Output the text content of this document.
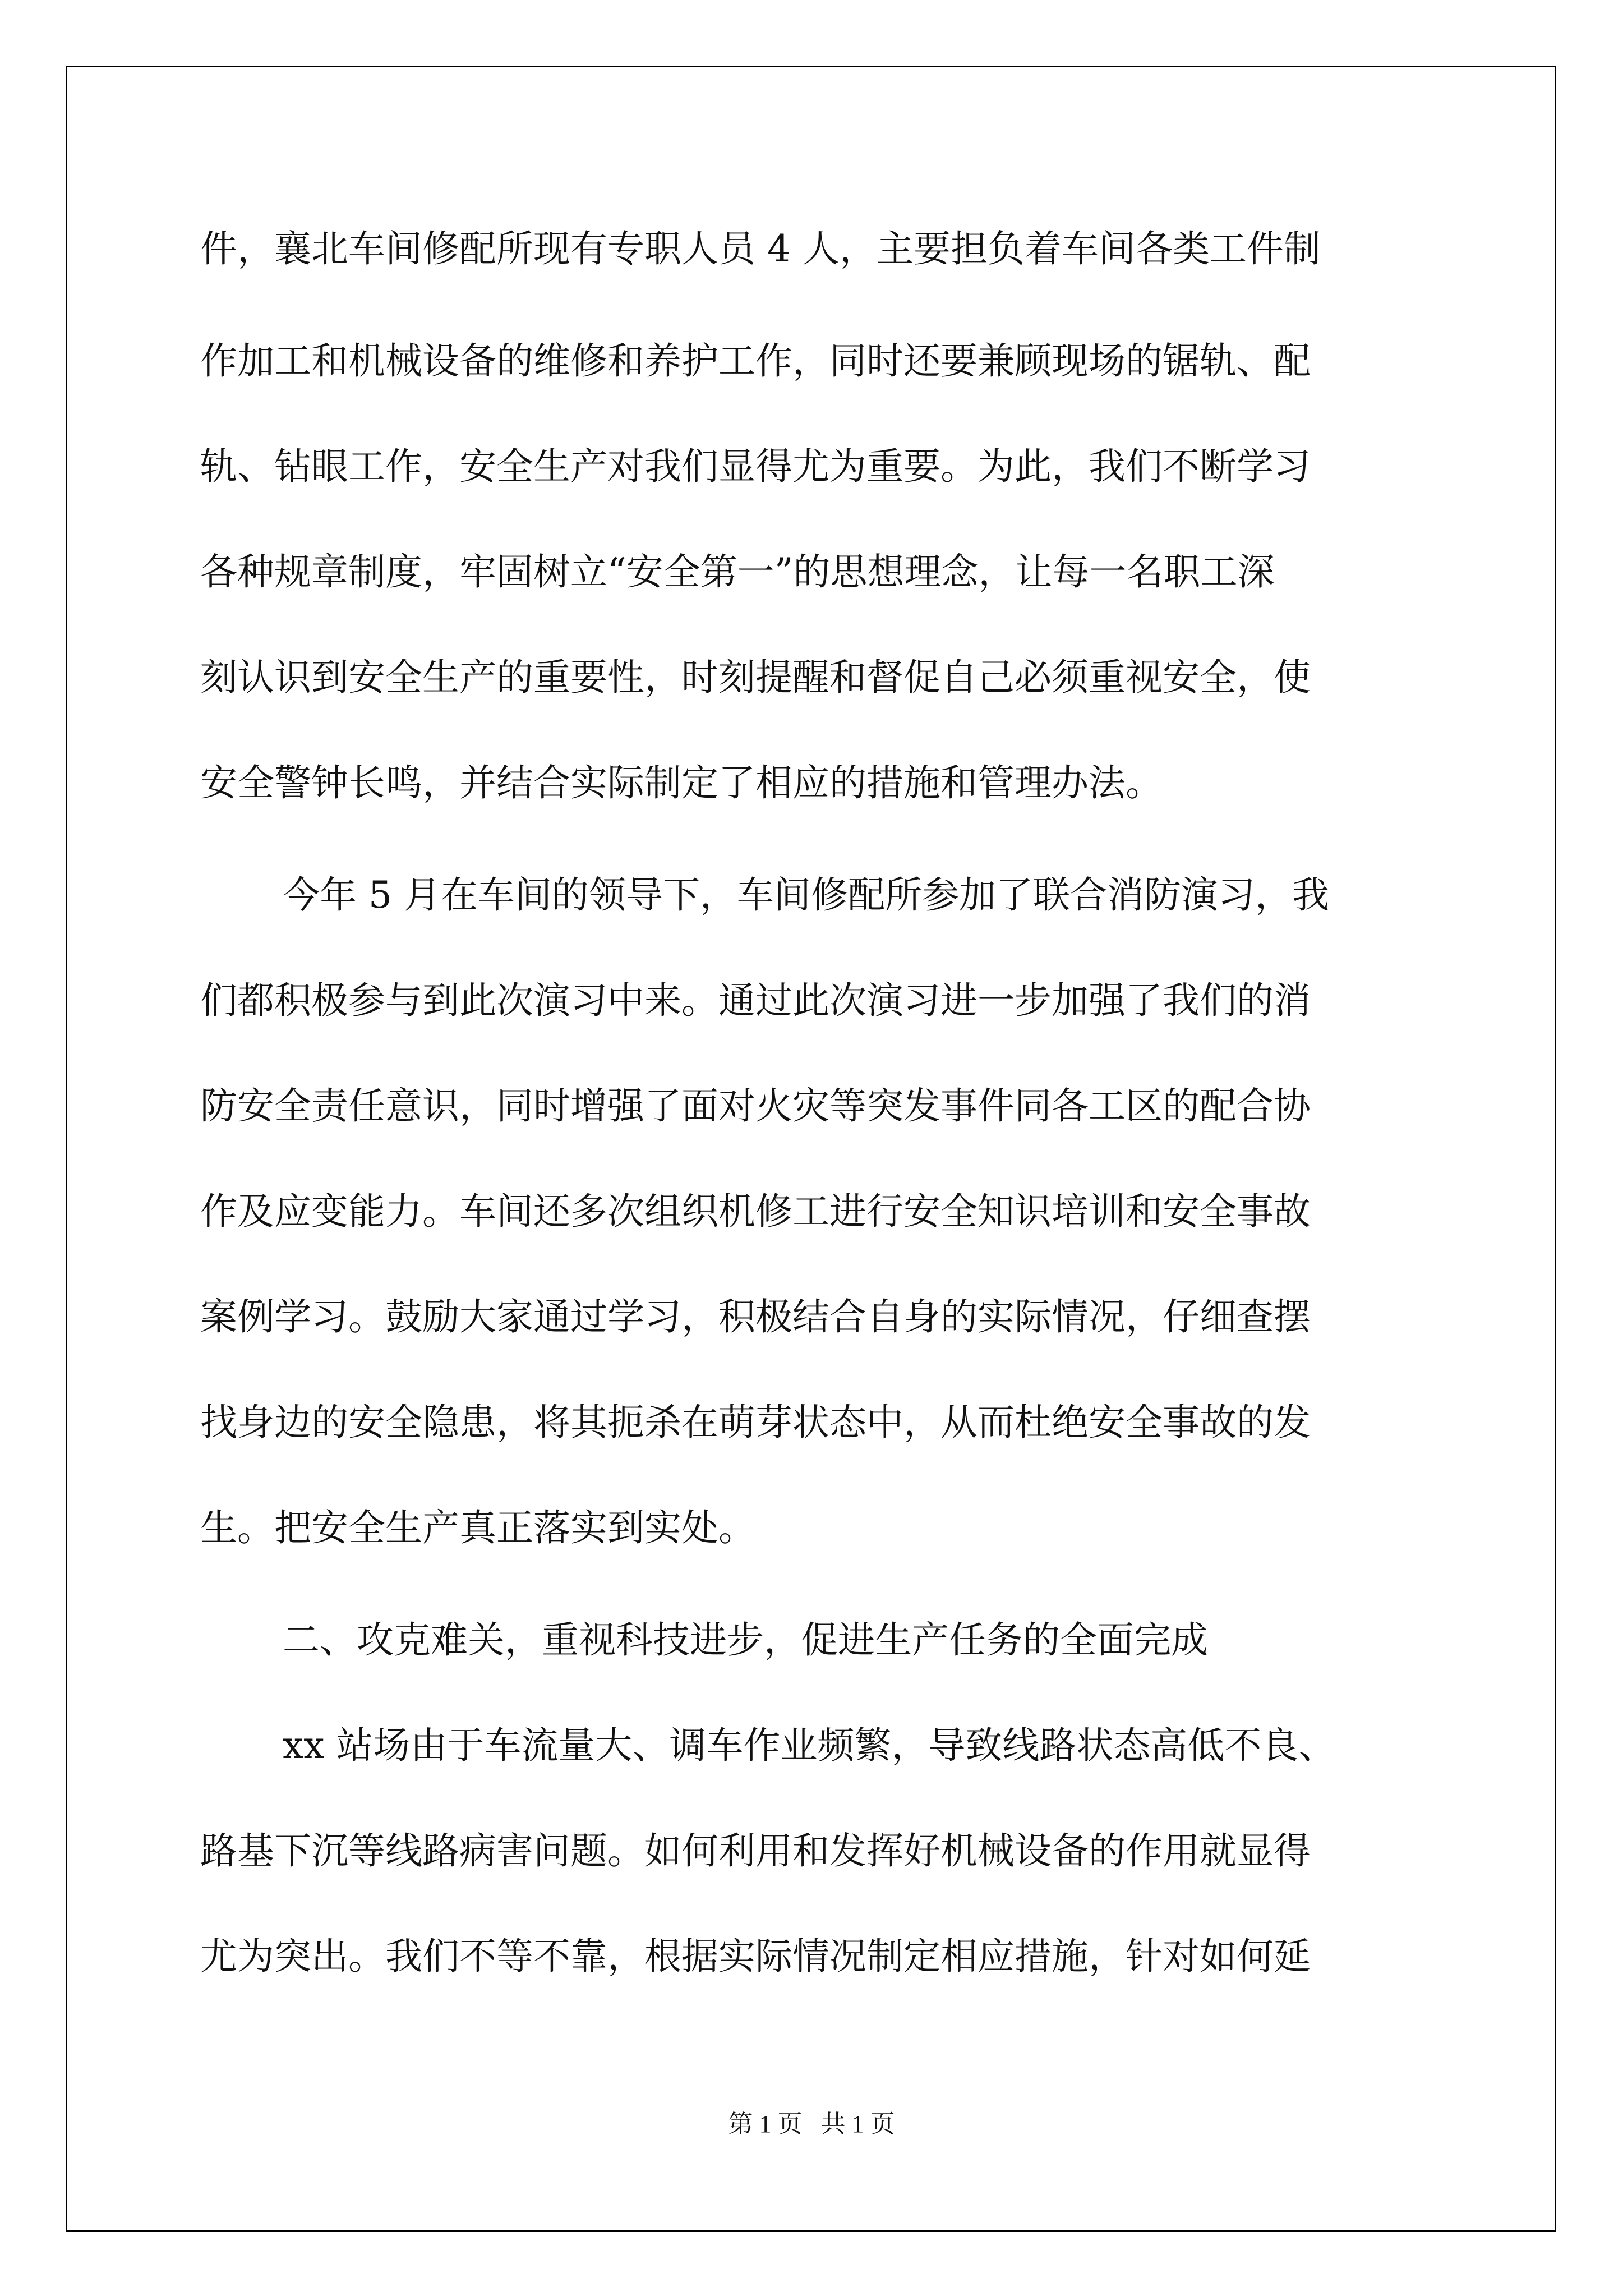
件，襄北车间修配所现有专职人员 4 人，主要担负着车间各类工件制

作加工和机械设备的维修和养护工作，同时还要兼顾现场的锯轨、配

轨、钻眼工作，安全生产对我们显得尤为重要。为此，我们不断学习

各种规章制度，牢固树立“安全第一”的思想理念，让每一名职工深

刻认识到安全生产的重要性，时刻提醒和督促自己必须重视安全，使

安全警钟长鸣，并结合实际制定了相应的措施和管理办法。

今年 5 月在车间的领导下，车间修配所参加了联合消防演习，我

们都积极参与到此次演习中来。通过此次演习进一步加强了我们的消

防安全责任意识，同时增强了面对火灾等突发事件同各工区的配合协

作及应变能力。车间还多次组织机修工进行安全知识培训和安全事故

案例学习。鼓励大家通过学习，积极结合自身的实际情况，仔细查摆

找身边的安全隐患，将其扼杀在萌芽状态中，从而杜绝安全事故的发

生。把安全生产真正落实到实处。

二、攻克难关，重视科技进步，促进生产任务的全面完成

xx 站场由于车流量大、调车作业频繁，导致线路状态高低不良、

路基下沉等线路病害问题。如何利用和发挥好机械设备的作用就显得

尤为突出。我们不等不靠，根据实际情况制定相应措施，针对如何延

第 1 页   共 1 页
